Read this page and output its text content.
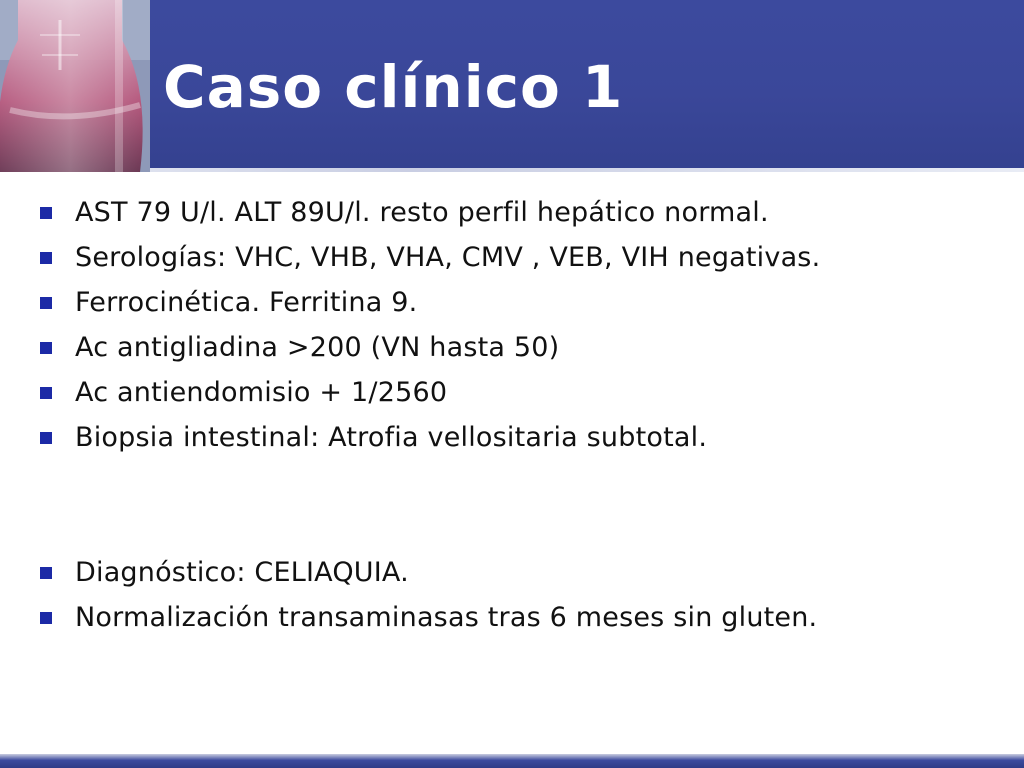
Caso clínico 1
AST 79 U/l. ALT 89U/l. resto perfil hepático normal.
Serologías: VHC, VHB, VHA, CMV , VEB, VIH negativas.
Ferrocinética. Ferritina 9.
Ac antigliadina >200 (VN hasta 50)
Ac antiendomisio + 1/2560
Biopsia intestinal: Atrofia vellositaria subtotal.
Diagnóstico: CELIAQUIA.
Normalización transaminasas tras 6 meses sin gluten.
